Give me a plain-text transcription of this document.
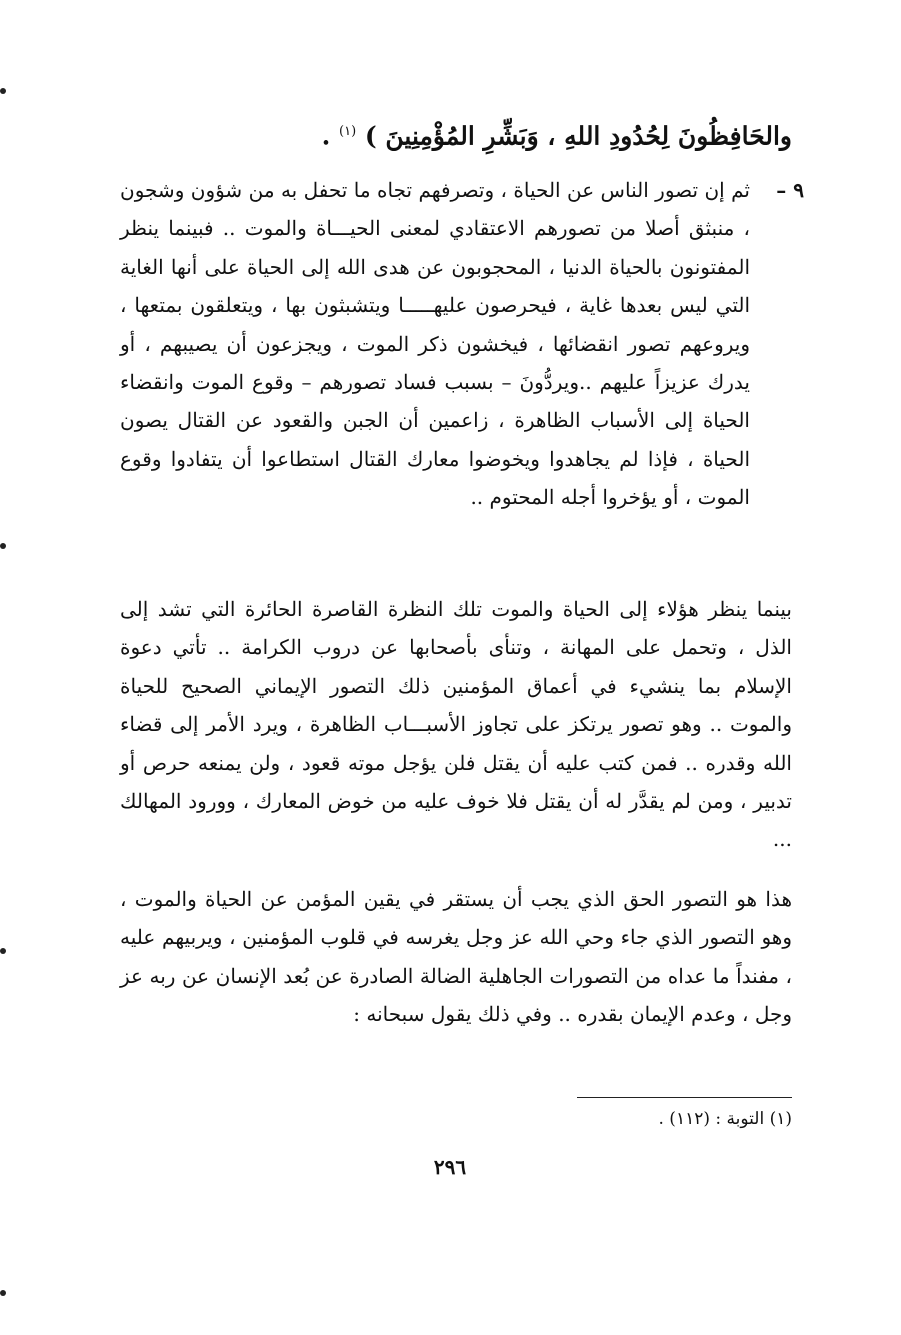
والحَافِظُونَ لِحُدُودِ اللهِ ، وَبَشِّرِ المُؤْمِنِينَ ) $^{(١)}$ .
٩ –

ثم إن تصور الناس عن الحياة ، وتصرفهم تجاه ما تحفل به من شؤون وشجون ، منبثق أصلا من تصورهم الاعتقادي لمعنى الحيـــاة والموت .. فبينما ينظر المفتونون بالحياة الدنيا ، المحجوبون عن هدى الله إلى الحياة على أنها الغاية التي ليس بعدها غاية ، فيحرصون عليهـــــا ويتشبثون بها ، ويتعلقون بمتعها ، ويروعهم تصور انقضائها ، فيخشون ذكر الموت ، ويجزعون أن يصيبهم ، أو يدرك عزيزاً عليهم ..ويردُّونَ – بسبب فساد تصورهم – وقوع الموت وانقضاء الحياة إلى الأسباب الظاهرة ، زاعمين أن الجبن والقعود عن القتال يصون الحياة ، فإذا لم يجاهدوا ويخوضوا معارك القتال استطاعوا أن يتفادوا وقوع الموت ، أو يؤخروا أجله المحتوم ..

بينما ينظر هؤلاء إلى الحياة والموت تلك النظرة القاصرة الحائرة التي تشد إلى الذل ، وتحمل على المهانة ، وتنأى بأصحابها عن دروب الكرامة .. تأتي دعوة الإسلام بما ينشيء في أعماق المؤمنين ذلك التصور الإيماني الصحيح للحياة والموت .. وهو تصور يرتكز على تجاوز الأسبـــاب الظاهرة ، ويرد الأمر إلى قضاء الله وقدره .. فمن كتب عليه أن يقتل فلن يؤجل موته قعود ، ولن يمنعه حرص أو تدبير ، ومن لم يقدَّر له أن يقتل فلا خوف عليه من خوض المعارك ، وورود المهالك ...

هذا هو التصور الحق الذي يجب أن يستقر في يقين المؤمن عن الحياة والموت ، وهو التصور الذي جاء وحي الله عز وجل يغرسه في قلوب المؤمنين ، ويربيهم عليه ، مفنداً ما عداه من التصورات الجاهلية الضالة الصادرة عن بُعد الإنسان عن ربه عز وجل ، وعدم الإيمان بقدره .. وفي ذلك يقول سبحانه :

(١) التوبة : (١١٢) .
٢٩٦
